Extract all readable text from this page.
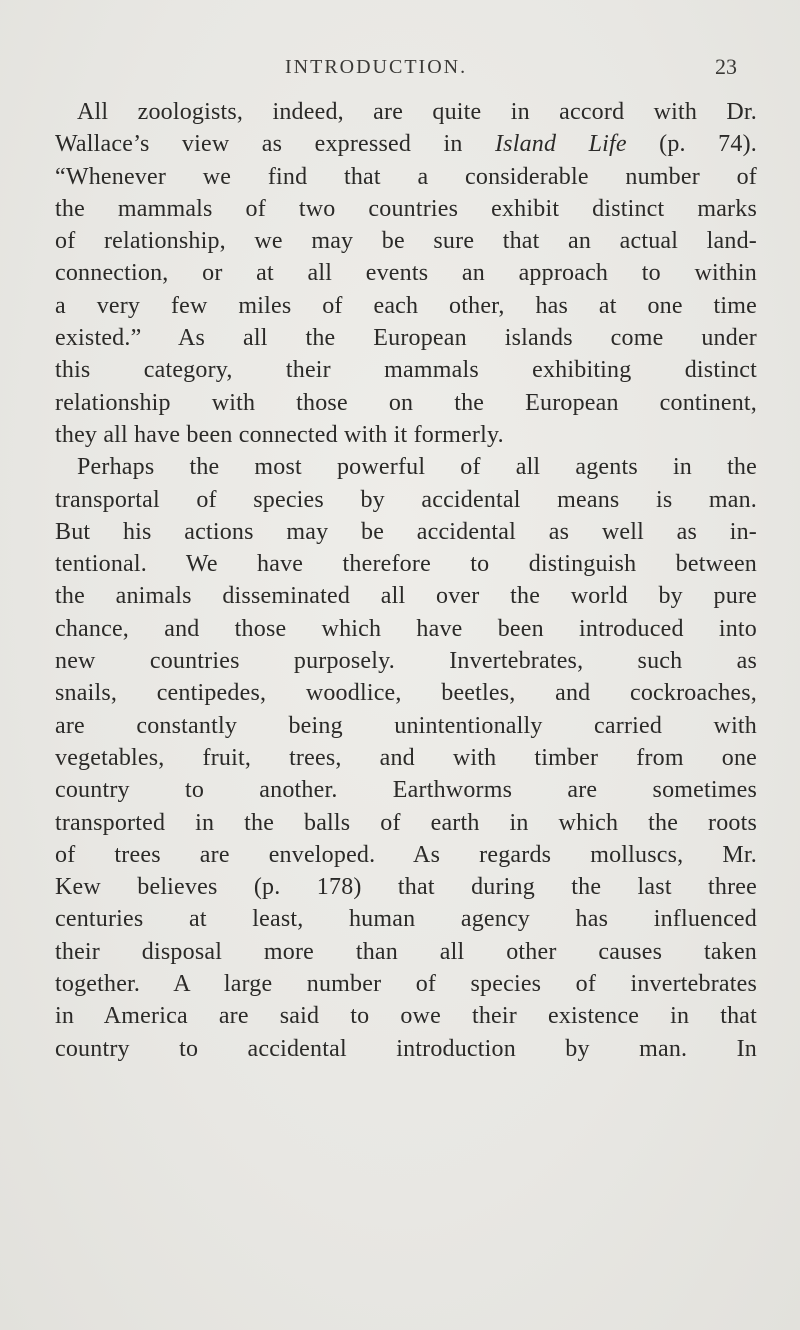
INTRODUCTION.	23
All zoologists, indeed, are quite in accord with Dr.
Wallace’s view as expressed in Island Life (p. 74).
“Whenever we find that a considerable number of
the mammals of two countries exhibit distinct marks
of relationship, we may be sure that an actual land-
connection, or at all events an approach to within
a very few miles of each other, has at one time
existed.” As all the European islands come under
this category, their mammals exhibiting distinct
relationship with those on the European continent,
they all have been connected with it formerly.
Perhaps the most powerful of all agents in the
transportal of species by accidental means is man.
But his actions may be accidental as well as in-
tentional. We have therefore to distinguish between
the animals disseminated all over the world by pure
chance, and those which have been introduced into
new countries purposely. Invertebrates, such as
snails, centipedes, woodlice, beetles, and cockroaches,
are constantly being unintentionally carried with
vegetables, fruit, trees, and with timber from one
country to another. Earthworms are sometimes
transported in the balls of earth in which the roots
of trees are enveloped. As regards molluscs, Mr.
Kew believes (p. 178) that during the last three
centuries at least, human agency has influenced
their disposal more than all other causes taken
together. A large number of species of invertebrates
in America are said to owe their existence in that
country to accidental introduction by man. In
